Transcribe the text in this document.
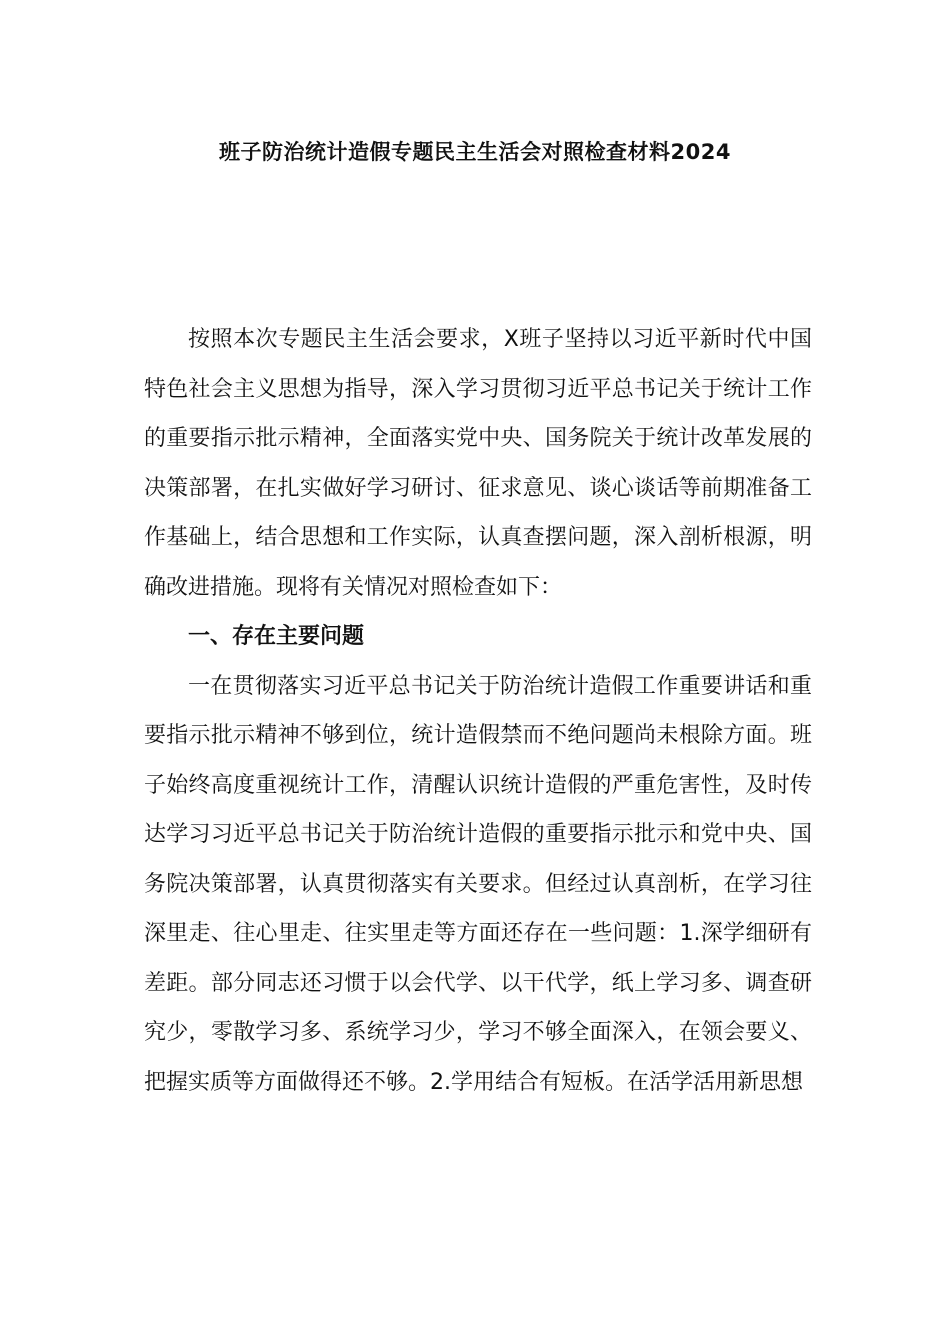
班子防治统计造假专题民主生活会对照检查材料2024

按照本次专题民主生活会要求，X班子坚持以习近平新时代中国特色社会主义思想为指导，深入学习贯彻习近平总书记关于统计工作的重要指示批示精神，全面落实党中央、国务院关于统计改革发展的决策部署，在扎实做好学习研讨、征求意见、谈心谈话等前期准备工作基础上，结合思想和工作实际，认真查摆问题，深入剖析根源，明确改进措施。现将有关情况对照检查如下：

一、存在主要问题

一在贯彻落实习近平总书记关于防治统计造假工作重要讲话和重要指示批示精神不够到位，统计造假禁而不绝问题尚未根除方面。班子始终高度重视统计工作，清醒认识统计造假的严重危害性，及时传达学习习近平总书记关于防治统计造假的重要指示批示和党中央、国务院决策部署，认真贯彻落实有关要求。但经过认真剖析，在学习往深里走、往心里走、往实里走等方面还存在一些问题：1.深学细研有差距。部分同志还习惯于以会代学、以干代学，纸上学习多、调查研究少，零散学习多、系统学习少，学习不够全面深入，在领会要义、把握实质等方面做得还不够。2.学用结合有短板。在活学活用新思想
